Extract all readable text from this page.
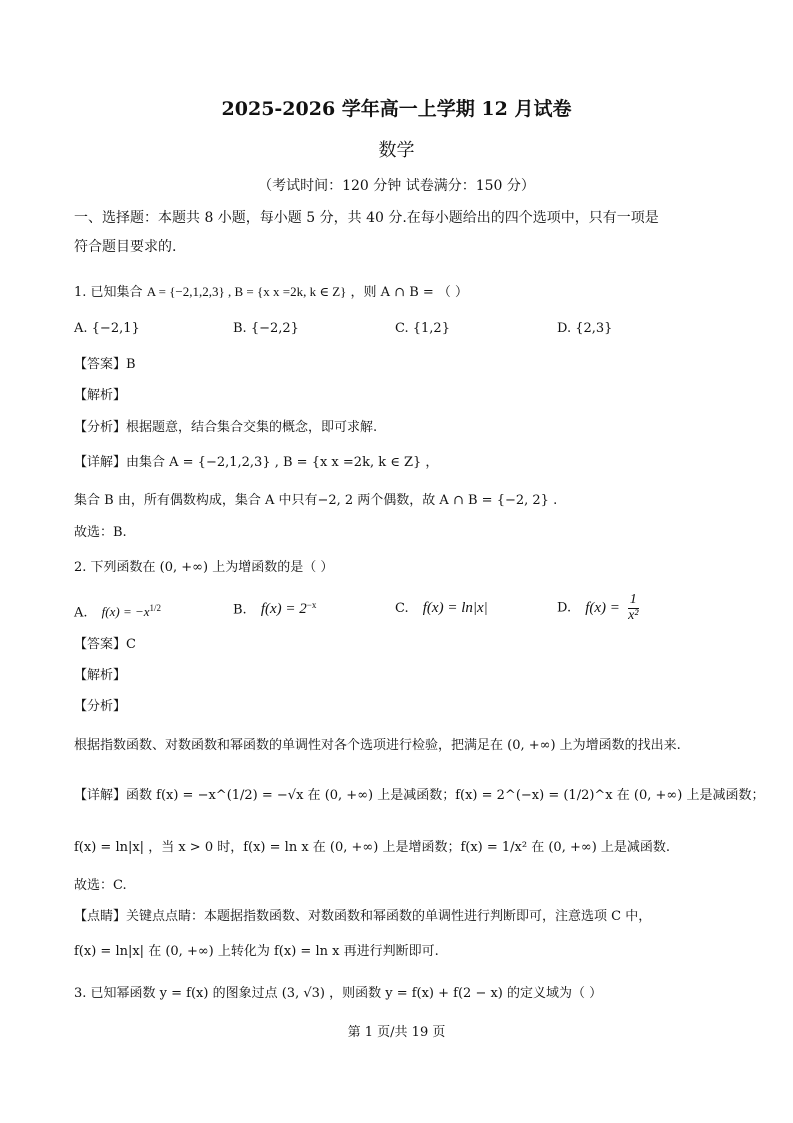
2025-2026 学年高一上学期 12 月试卷
数学
（考试时间：120 分钟 试卷满分：150 分）
一、选择题：本题共 8 小题，每小题 5 分，共 40 分.在每小题给出的四个选项中，只有一项是
符合题目要求的.
1. 已知集合 A = {−2,1,2,3} , B = {x x =2k, k ∈ Z} ，则 A ∩ B = （ ）
A. {−2,1}	B. {−2,2}	C. {1,2}	D. {2,3}
【答案】B
【解析】
【分析】根据题意，结合集合交集的概念，即可求解.
【详解】由集合 A = {−2,1,2,3} , B = {x x =2k, k ∈ Z} ，
集合 B 由，所有偶数构成，集合 A 中只有−2, 2 两个偶数，故 A ∩ B = {−2, 2} .
故选：B.
2. 下列函数在 (0, +∞) 上为增函数的是（ ）
A. $f(x) = -x^{1/2}$	B. $f(x) = 2^{-x}$	C. f(x) = ln|x|	D. $f(x) = \frac{1}{\text{x²}}$
【答案】C
【解析】
【分析】
根据指数函数、对数函数和幂函数的单调性对各个选项进行检验，把满足在 (0, +∞) 上为增函数的找出来.
【详解】函数 f(x) = −x^(1/2) = −√x 在 (0, +∞) 上是减函数；f(x) = 2^(−x) = (1/2)^x 在 (0, +∞) 上是减函数；
f(x) = ln|x| ，当 x > 0 时，f(x) = ln x 在 (0, +∞) 上是增函数；f(x) = 1/x² 在 (0, +∞) 上是减函数.
故选：C.
【点睛】关键点点睛：本题据指数函数、对数函数和幂函数的单调性进行判断即可，注意选项 C 中，
f(x) = ln|x| 在 (0, +∞) 上转化为 f(x) = ln x 再进行判断即可.
3. 已知幂函数 y = f(x) 的图象过点 (3, √3) ，则函数 y = f(x) + f(2 − x) 的定义域为（ ）
第 1 页/共 19 页
